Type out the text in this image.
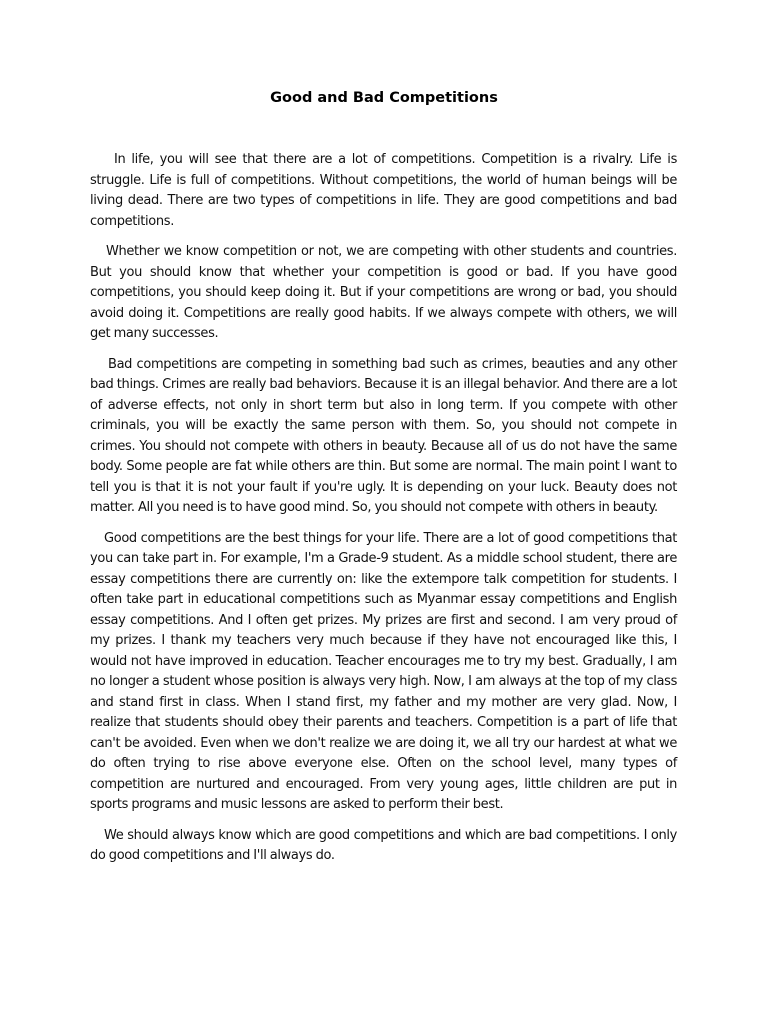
Good and Bad Competitions

In life, you will see that there are a lot of competitions. Competition is a rivalry. Life is struggle. Life is full of competitions. Without competitions, the world of human beings will be living dead. There are two types of competitions in life. They are good competitions and bad competitions.

Whether we know competition or not, we are competing with other students and countries. But you should know that whether your competition is good or bad. If you have good competitions, you should keep doing it. But if your competitions are wrong or bad, you should avoid doing it. Competitions are really good habits. If we always compete with others, we will get many successes.

Bad competitions are competing in something bad such as crimes, beauties and any other bad things. Crimes are really bad behaviors. Because it is an illegal behavior. And there are a lot of adverse effects, not only in short term but also in long term. If you compete with other criminals, you will be exactly the same person with them. So, you should not compete in crimes. You should not compete with others in beauty. Because all of us do not have the same body. Some people are fat while others are thin. But some are normal. The main point I want to tell you is that it is not your fault if you're ugly. It is depending on your luck. Beauty does not matter. All you need is to have good mind. So, you should not compete with others in beauty.

Good competitions are the best things for your life. There are a lot of good competitions that you can take part in. For example, I'm a Grade-9 student. As a middle school student, there are essay competitions there are currently on: like the extempore talk competition for students. I often take part in educational competitions such as Myanmar essay competitions and English essay competitions. And I often get prizes. My prizes are first and second. I am very proud of my prizes. I thank my teachers very much because if they have not encouraged like this, I would not have improved in education. Teacher encourages me to try my best. Gradually, I am no longer a student whose position is always very high. Now, I am always at the top of my class and stand first in class. When I stand first, my father and my mother are very glad. Now, I realize that students should obey their parents and teachers. Competition is a part of life that can't be avoided. Even when we don't realize we are doing it, we all try our hardest at what we do often trying to rise above everyone else. Often on the school level, many types of competition are nurtured and encouraged. From very young ages, little children are put in sports programs and music lessons are asked to perform their best.

We should always know which are good competitions and which are bad competitions. I only do good competitions and I'll always do.
